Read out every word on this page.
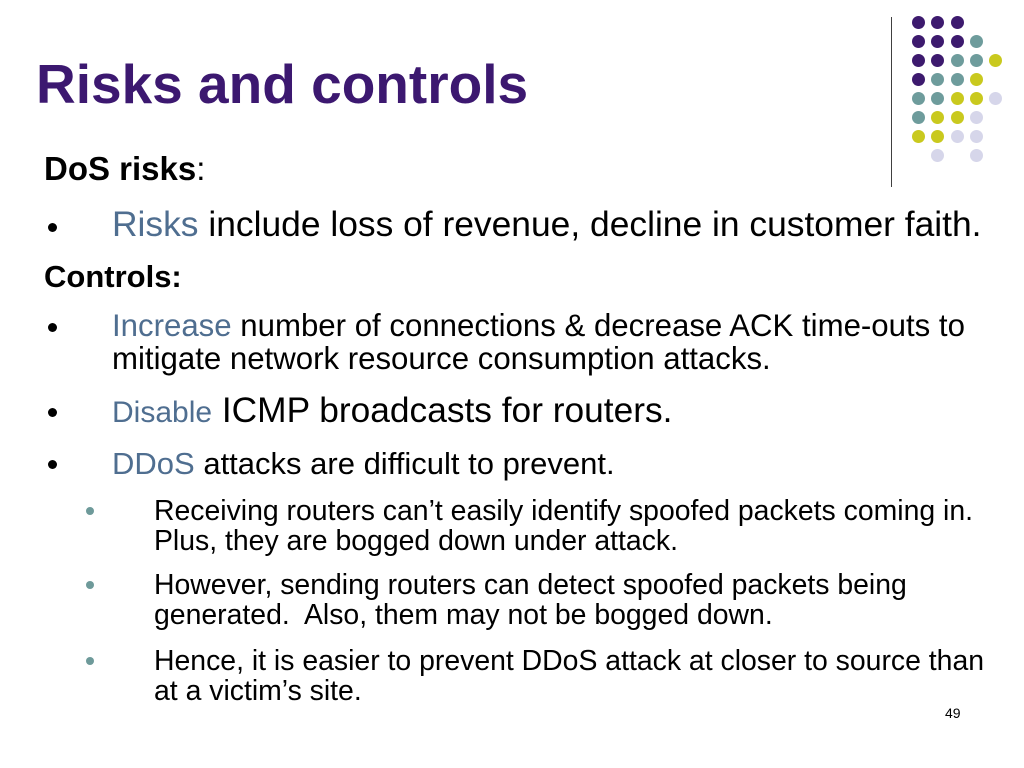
Risks and controls
DoS risks:
Risks include loss of revenue, decline in customer faith.
Controls:
Increase number of connections & decrease ACK time-outs to
mitigate network resource consumption attacks.
Disable ICMP broadcasts for routers.
DDoS attacks are difficult to prevent.
Receiving routers can’t easily identify spoofed packets coming in.
Plus, they are bogged down under attack.
However, sending routers can detect spoofed packets being
generated.  Also, them may not be bogged down.
Hence, it is easier to prevent DDoS attack at closer to source than
at a victim’s site.
49
